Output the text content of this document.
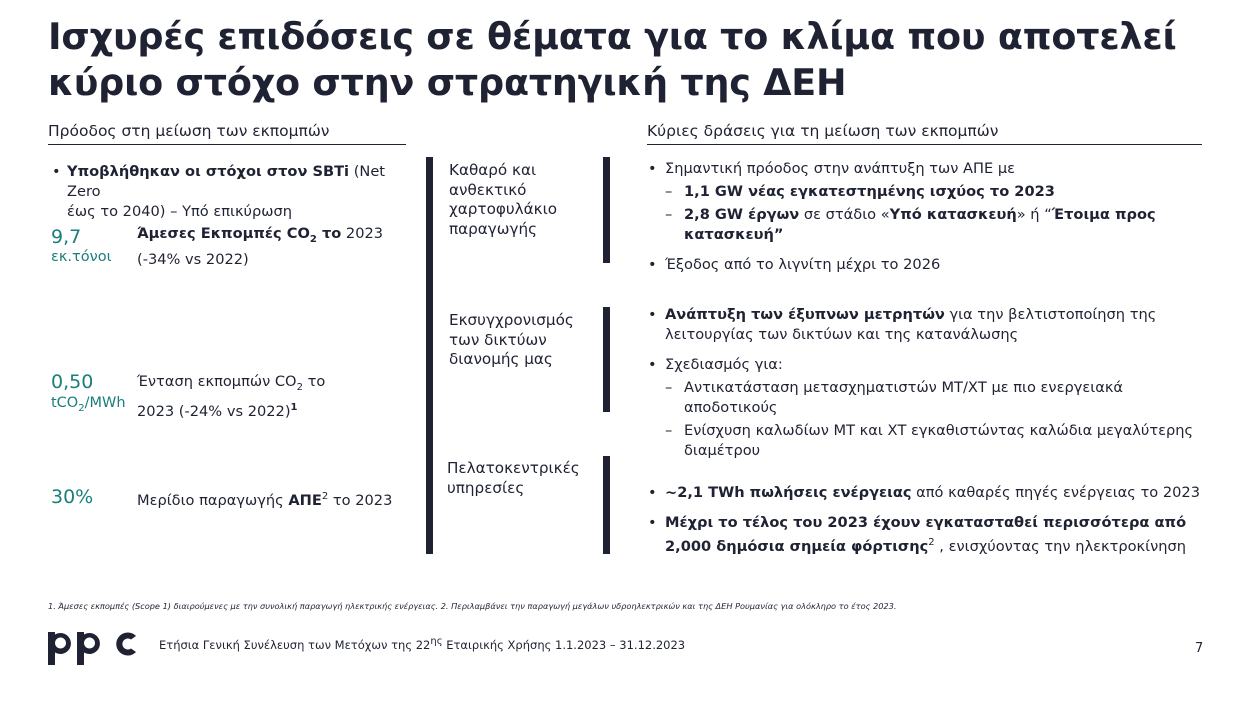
Ισχυρές επιδόσεις σε θέματα για το κλίμα που αποτελεί κύριο στόχο στην στρατηγική της ΔΕΗ
Πρόοδος στη μείωση των εκπομπών
• Υποβλήθηκαν οι στόχοι στον SBTi (Net Zero
έως το 2040) – Υπό επικύρωση
9,7
εκ.τόνοι
Άμεσες Εκπομπές $CO_2$ το 2023
(-34% vs 2022)
0,50
tCO$_2$/MWh
Ένταση εκπομπών $CO_2$ το
2023 (-24% vs 2022)$^1$
30%	Μερίδιο παραγωγής ΑΠΕ$^2$ το 2023
Κύριες δράσεις για τη μείωση των εκπομπών
Καθαρό και
ανθεκτικό
χαρτοφυλάκιο
παραγωγής
Εκσυγχρονισμός
των δικτύων
διανομής μας
Πελατοκεντρικές
υπηρεσίες
• Σημαντική πρόοδος στην ανάπτυξη των ΑΠΕ με
– 1,1 GW νέας εγκατεστημένης ισχύος το 2023
– 2,8 GW έργων σε στάδιο «Υπό κατασκευή» ή “Έτοιμα προς
κατασκευή”
• Έξοδος από το λιγνίτη μέχρι το 2026
• Ανάπτυξη των έξυπνων μετρητών για την βελτιστοποίηση της
λειτουργίας των δικτύων και της κατανάλωσης
• Σχεδιασμός για:
– Αντικατάσταση μετασχηματιστών ΜΤ/ΧΤ με πιο ενεργειακά
αποδοτικούς
– Ενίσχυση καλωδίων ΜΤ και ΧΤ εγκαθιστώντας καλώδια μεγαλύτερης
διαμέτρου
• ~2,1 TWh πωλήσεις ενέργειας από καθαρές πηγές ενέργειας το 2023
• Μέχρι το τέλος του 2023 έχουν εγκατασταθεί περισσότερα από
2,000 δημόσια σημεία φόρτισης$^2$ , ενισχύοντας την ηλεκτροκίνηση
1. Άμεσες εκπομπές (Scope 1) διαιρούμενες με την συνολική παραγωγή ηλεκτρικής ενέργειας. 2. Περιλαμβάνει την παραγωγή μεγάλων υδροηλεκτρικών και της ΔΕΗ Ρουμανίας για ολόκληρο το έτος 2023.
Ετήσια Γενική Συνέλευση των Μετόχων της $22^{\eta\varsigma}$ Εταιρικής Χρήσης 1.1.2023 – 31.12.2023	7
